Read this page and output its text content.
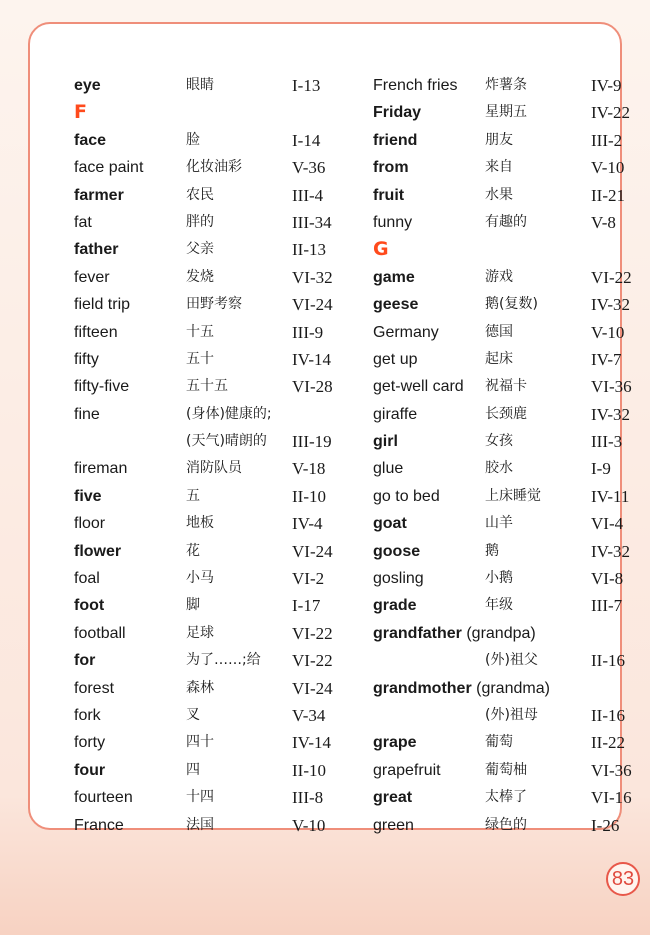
eye	眼睛	I-13
F
face	脸	I-14
face paint	化妆油彩	V-36
farmer	农民	III-4
fat	胖的	III-34
father	父亲	II-13
fever	发烧	VI-32
field trip	田野考察	VI-24
fifteen	十五	III-9
fifty	五十	IV-14
fifty-five	五十五	VI-28
fine	(身体)健康的;
(天气)晴朗的 III-19
fireman	消防队员	V-18
five	五	II-10
floor	地板	IV-4
flower	花	VI-24
foal	小马	VI-2
foot	脚	I-17
football	足球	VI-22
for	为了……;给 VI-22
forest	森林	VI-24
fork	叉	V-34
forty	四十	IV-14
four	四	II-10
fourteen	十四	III-8
France	法国	V-10
French fries 炸薯条	IV-9
Friday	星期五	IV-22
friend	朋友	III-2
from	来自	V-10
fruit	水果	II-21
funny	有趣的	V-8
G
game	游戏	VI-22
geese	鹅(复数)	IV-32
Germany	德国	V-10
get up	起床	IV-7
get-well card 祝福卡	VI-36
giraffe	长颈鹿	IV-32
girl	女孩	III-3
glue	胶水	I-9
go to bed	上床睡觉	IV-11
goat	山羊	VI-4
goose	鹅	IV-32
gosling	小鹅	VI-8
grade	年级	III-7
grandfather (grandpa)
(外)祖父	II-16
grandmother (grandma)
(外)祖母	II-16
grape	葡萄	II-22
grapefruit	葡萄柚	VI-36
great	太棒了	VI-16
green	绿色的	I-26
83
